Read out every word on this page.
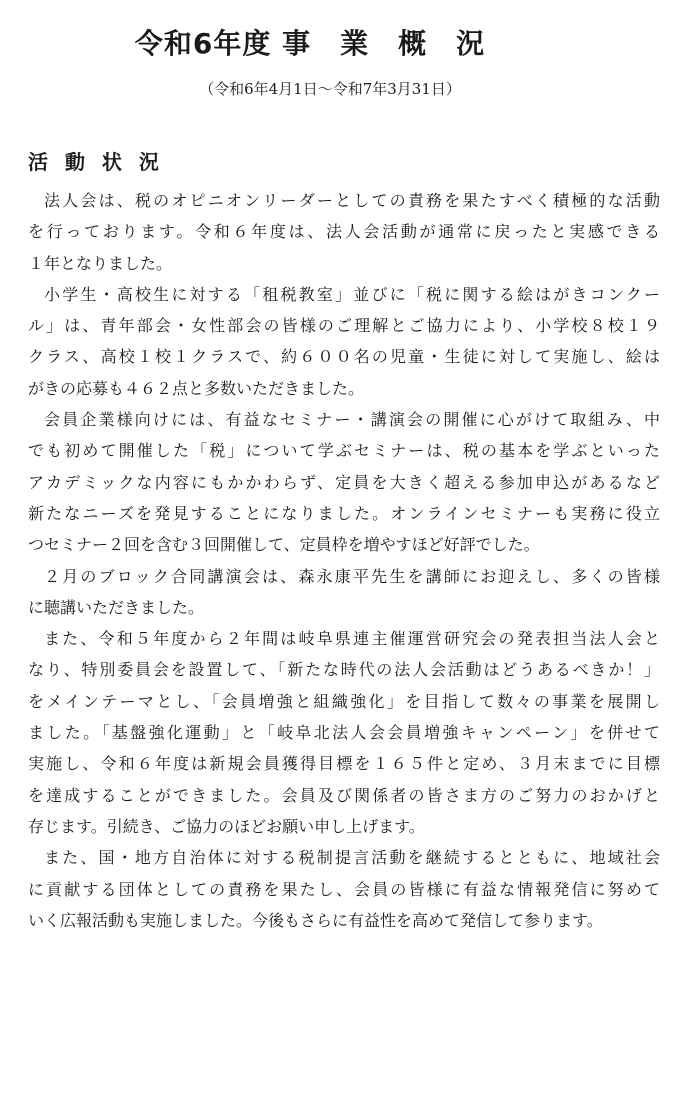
令和6年度 事　業　概　況

（令和6年4月1日～令和7年3月31日）

活 動 状 況
法人会は、税のオピニオンリーダーとしての責務を果たすべく積極的な活動
を行っております。令和６年度は、法人会活動が通常に戻ったと実感できる
１年となりました。
小学生・高校生に対する「租税教室」並びに「税に関する絵はがきコンクー
ル」は、青年部会・女性部会の皆様のご理解とご協力により、小学校８校１９
クラス、高校１校１クラスで、約６００名の児童・生徒に対して実施し、絵は
がきの応募も４６２点と多数いただきました。
会員企業様向けには、有益なセミナー・講演会の開催に心がけて取組み、中
でも初めて開催した「税」について学ぶセミナーは、税の基本を学ぶといった
アカデミックな内容にもかかわらず、定員を大きく超える参加申込があるなど
新たなニーズを発見することになりました。オンラインセミナーも実務に役立
つセミナー２回を含む３回開催して、定員枠を増やすほど好評でした。
２月のブロック合同講演会は、森永康平先生を講師にお迎えし、多くの皆様
に聴講いただきました。
また、令和５年度から２年間は岐阜県連主催運営研究会の発表担当法人会と
なり、特別委員会を設置して、「新たな時代の法人会活動はどうあるべきか！」
をメインテーマとし、「会員増強と組織強化」を目指して数々の事業を展開し
ました。「基盤強化運動」と「岐阜北法人会会員増強キャンペーン」を併せて
実施し、令和６年度は新規会員獲得目標を１６５件と定め、３月末までに目標
を達成することができました。会員及び関係者の皆さま方のご努力のおかげと
存じます。引続き、ご協力のほどお願い申し上げます。
また、国・地方自治体に対する税制提言活動を継続するとともに、地域社会
に貢献する団体としての責務を果たし、会員の皆様に有益な情報発信に努めて
いく広報活動も実施しました。今後もさらに有益性を高めて発信して参ります。
